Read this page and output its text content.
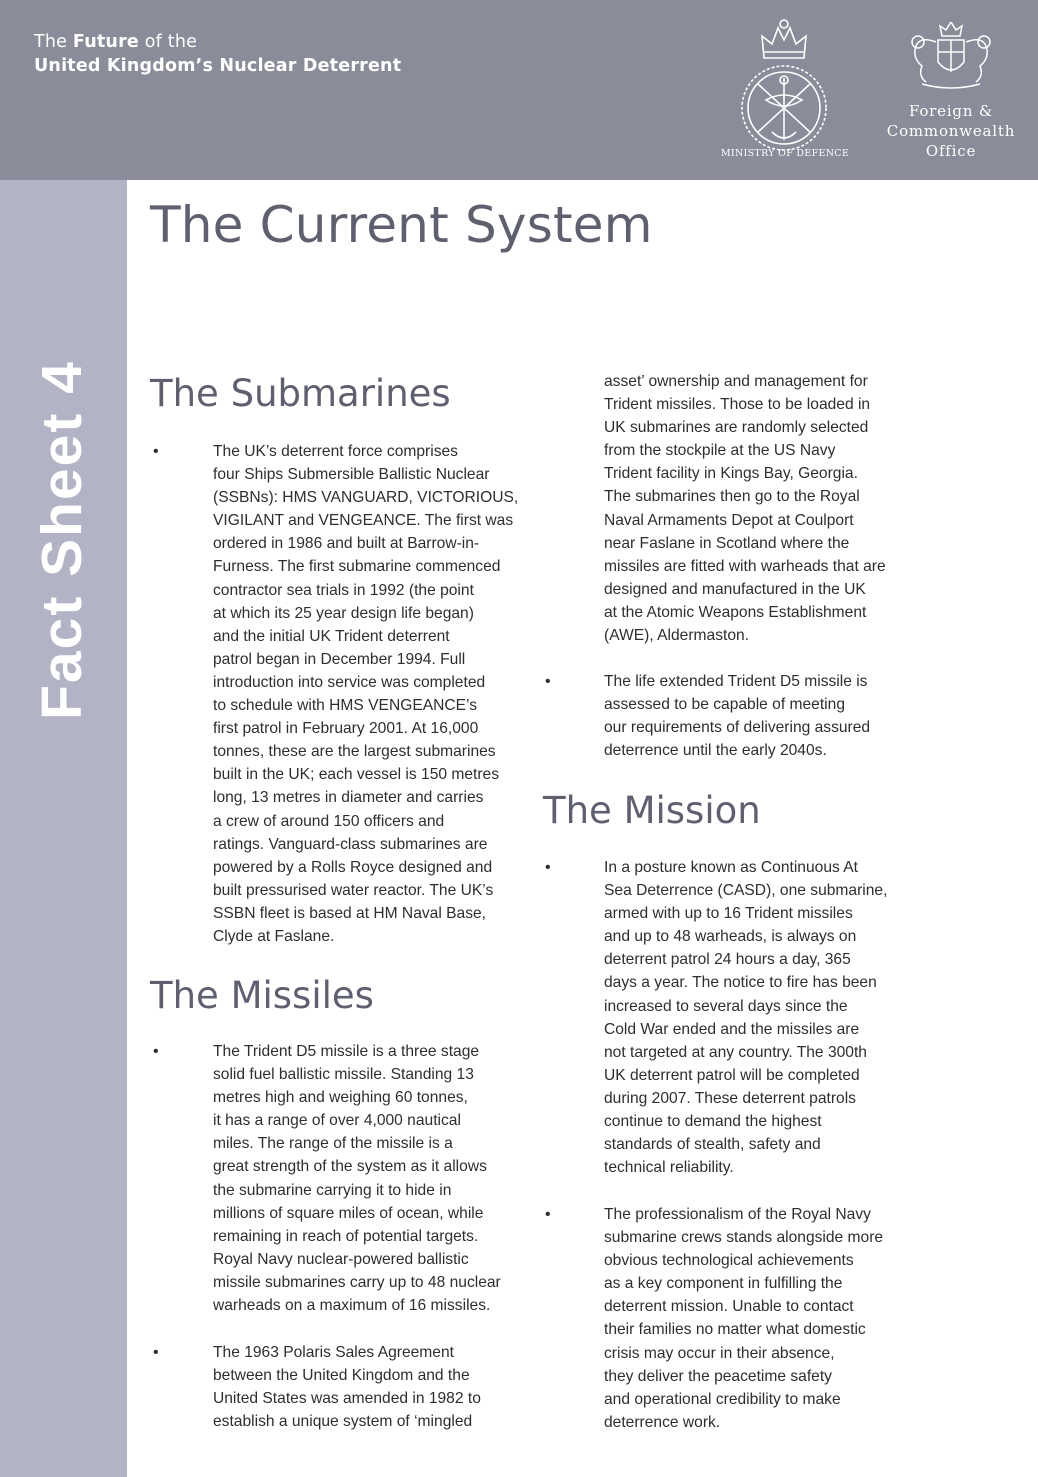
The Future of the
United Kingdom’s Nuclear Deterrent
MINISTRY OF DEFENCE
Foreign &
Commonwealth
Office
Fact Sheet 4
The Current System
The Submarines
•	The UK’s deterrent force comprises
four Ships Submersible Ballistic Nuclear
(SSBNs): HMS VANGUARD, VICTORIOUS,
VIGILANT and VENGEANCE. The first was
ordered in 1986 and built at Barrow-in-
Furness. The first submarine commenced
contractor sea trials in 1992 (the point
at which its 25 year design life began)
and the initial UK Trident deterrent
patrol began in December 1994. Full
introduction into service was completed
to schedule with HMS VENGEANCE’s
first patrol in February 2001. At 16,000
tonnes, these are the largest submarines
built in the UK; each vessel is 150 metres
long, 13 metres in diameter and carries
a crew of around 150 officers and
ratings. Vanguard-class submarines are
powered by a Rolls Royce designed and
built pressurised water reactor. The UK’s
SSBN fleet is based at HM Naval Base,
Clyde at Faslane.
The Missiles
•	The Trident D5 missile is a three stage
solid fuel ballistic missile. Standing 13
metres high and weighing 60 tonnes,
it has a range of over 4,000 nautical
miles. The range of the missile is a
great strength of the system as it allows
the submarine carrying it to hide in
millions of square miles of ocean, while
remaining in reach of potential targets.
Royal Navy nuclear-powered ballistic
missile submarines carry up to 48 nuclear
warheads on a maximum of 16 missiles.
•	The 1963 Polaris Sales Agreement
between the United Kingdom and the
United States was amended in 1982 to
establish a unique system of ‘mingled
asset’ ownership and management for
Trident missiles. Those to be loaded in
UK submarines are randomly selected
from the stockpile at the US Navy
Trident facility in Kings Bay, Georgia.
The submarines then go to the Royal
Naval Armaments Depot at Coulport
near Faslane in Scotland where the
missiles are fitted with warheads that are
designed and manufactured in the UK
at the Atomic Weapons Establishment
(AWE), Aldermaston.
•	The life extended Trident D5 missile is
assessed to be capable of meeting
our requirements of delivering assured
deterrence until the early 2040s.
The Mission
•	In a posture known as Continuous At
Sea Deterrence (CASD), one submarine,
armed with up to 16 Trident missiles
and up to 48 warheads, is always on
deterrent patrol 24 hours a day, 365
days a year. The notice to fire has been
increased to several days since the
Cold War ended and the missiles are
not targeted at any country. The 300th
UK deterrent patrol will be completed
during 2007. These deterrent patrols
continue to demand the highest
standards of stealth, safety and
technical reliability.
•	The professionalism of the Royal Navy
submarine crews stands alongside more
obvious technological achievements
as a key component in fulfilling the
deterrent mission. Unable to contact
their families no matter what domestic
crisis may occur in their absence,
they deliver the peacetime safety
and operational credibility to make
deterrence work.
